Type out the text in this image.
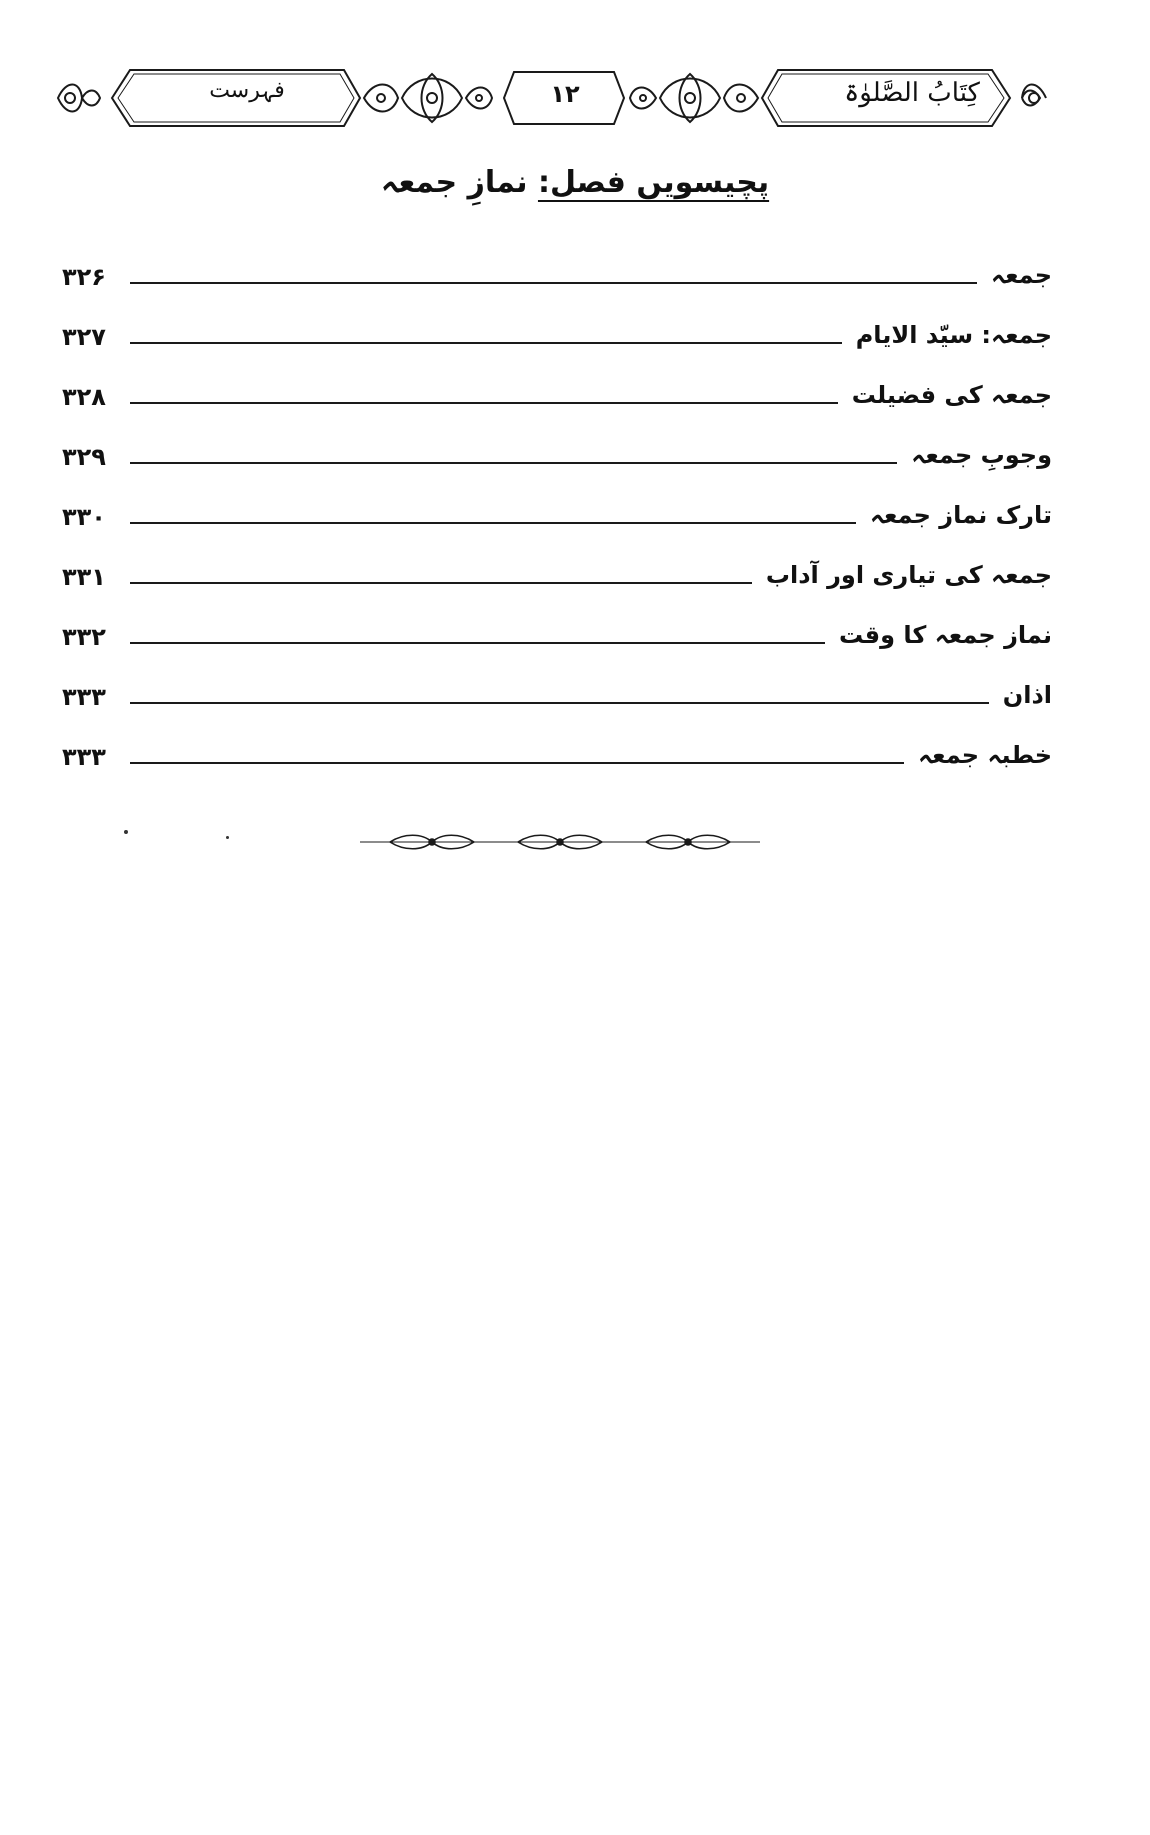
فہرست	۱۲	کِتَابُ الصَّلوٰۃ
پچیسویں فصل: نمازِ جمعہ
جمعہ
۳۲۶
جمعہ: سیّد الایام
۳۲۷
جمعہ کی فضیلت
۳۲۸
وجوبِ جمعہ
۳۲۹
تارک نماز جمعہ
۳۳۰
جمعہ کی تیاری اور آداب
۳۳۱
نماز جمعہ کا وقت
۳۳۲
اذان
۳۳۳
خطبہ جمعہ
۳۳۳
